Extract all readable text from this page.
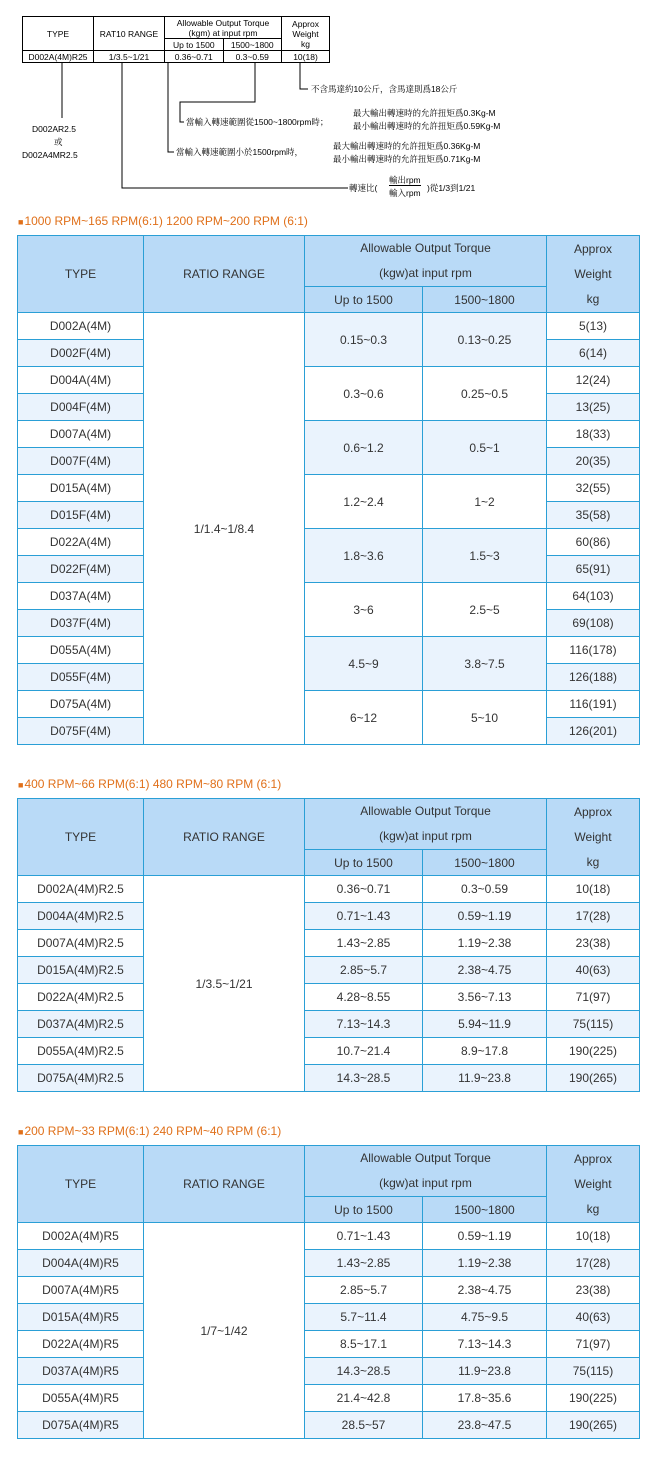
TYPE	RAT10 RANGE	Allowable Output Torque
(kgm) at input rpm		Approx
Weight
kg
		Up to 1500	1500~1800	
D002A(4M)R25	1/3.5~1/21	0.36~0.71	0.3~0.59	10(18)
不含馬達約10公斤，含馬達則爲18公斤
D002AR2.5
或
D002A4MR2.5
當輸入轉速範圍從1500~1800rpm時；
最大輸出轉速時的允許扭矩爲0.3Kg-M
最小輸出轉速時的允許扭矩爲0.59Kg-M
當輸入轉速範圍小於1500rpm時，
最大輸出轉速時的允許扭矩爲0.36Kg-M
最小輸出轉速時的允許扭矩爲0.71Kg-M
轉速比(
輸出rpm
輸入rpm )從1/3到1/21
■1000 RPM~165 RPM(6:1) 1200 RPM~200 RPM (6:1)
TYPE	RATIO RANGE	Allowable Output Torque
(kgw)at input rpm		Approx
Weight
kg

		Up to 1500	1500~1800	
D002A(4M)	1/1.4~1/8.4	0.15~0.3	0.13~0.25	5(13)
D002F(4M)				6(14)
D004A(4M)		0.3~0.6	0.25~0.5	12(24)
D004F(4M)				13(25)
D007A(4M)		0.6~1.2	0.5~1	18(33)
D007F(4M)				20(35)
D015A(4M)		1.2~2.4	1~2	32(55)
D015F(4M)				35(58)
D022A(4M)		1.8~3.6	1.5~3	60(86)
D022F(4M)				65(91)
D037A(4M)		3~6	2.5~5	64(103)
D037F(4M)				69(108)
D055A(4M)		4.5~9	3.8~7.5	116(178)
D055F(4M)				126(188)
D075A(4M)		6~12	5~10	116(191)
D075F(4M)				126(201)
■400 RPM~66 RPM(6:1) 480 RPM~80 RPM (6:1)
TYPE	RATIO RANGE	Allowable Output Torque
(kgw)at input rpm		Approx
Weight
kg

		Up to 1500	1500~1800	
D002A(4M)R2.5	1/3.5~1/21	0.36~0.71	0.3~0.59	10(18)
D004A(4M)R2.5		0.71~1.43	0.59~1.19	17(28)
D007A(4M)R2.5		1.43~2.85	1.19~2.38	23(38)
D015A(4M)R2.5		2.85~5.7	2.38~4.75	40(63)
D022A(4M)R2.5		4.28~8.55	3.56~7.13	71(97)
D037A(4M)R2.5		7.13~14.3	5.94~11.9	75(115)
D055A(4M)R2.5		10.7~21.4	8.9~17.8	190(225)
D075A(4M)R2.5		14.3~28.5	11.9~23.8	190(265)
■200 RPM~33 RPM(6:1) 240 RPM~40 RPM (6:1)
TYPE	RATIO RANGE	Allowable Output Torque
(kgw)at input rpm		Approx
Weight
kg

		Up to 1500	1500~1800	
D002A(4M)R5	1/7~1/42	0.71~1.43	0.59~1.19	10(18)
D004A(4M)R5		1.43~2.85	1.19~2.38	17(28)
D007A(4M)R5		2.85~5.7	2.38~4.75	23(38)
D015A(4M)R5		5.7~11.4	4.75~9.5	40(63)
D022A(4M)R5		8.5~17.1	7.13~14.3	71(97)
D037A(4M)R5		14.3~28.5	11.9~23.8	75(115)
D055A(4M)R5		21.4~42.8	17.8~35.6	190(225)
D075A(4M)R5		28.5~57	23.8~47.5	190(265)
